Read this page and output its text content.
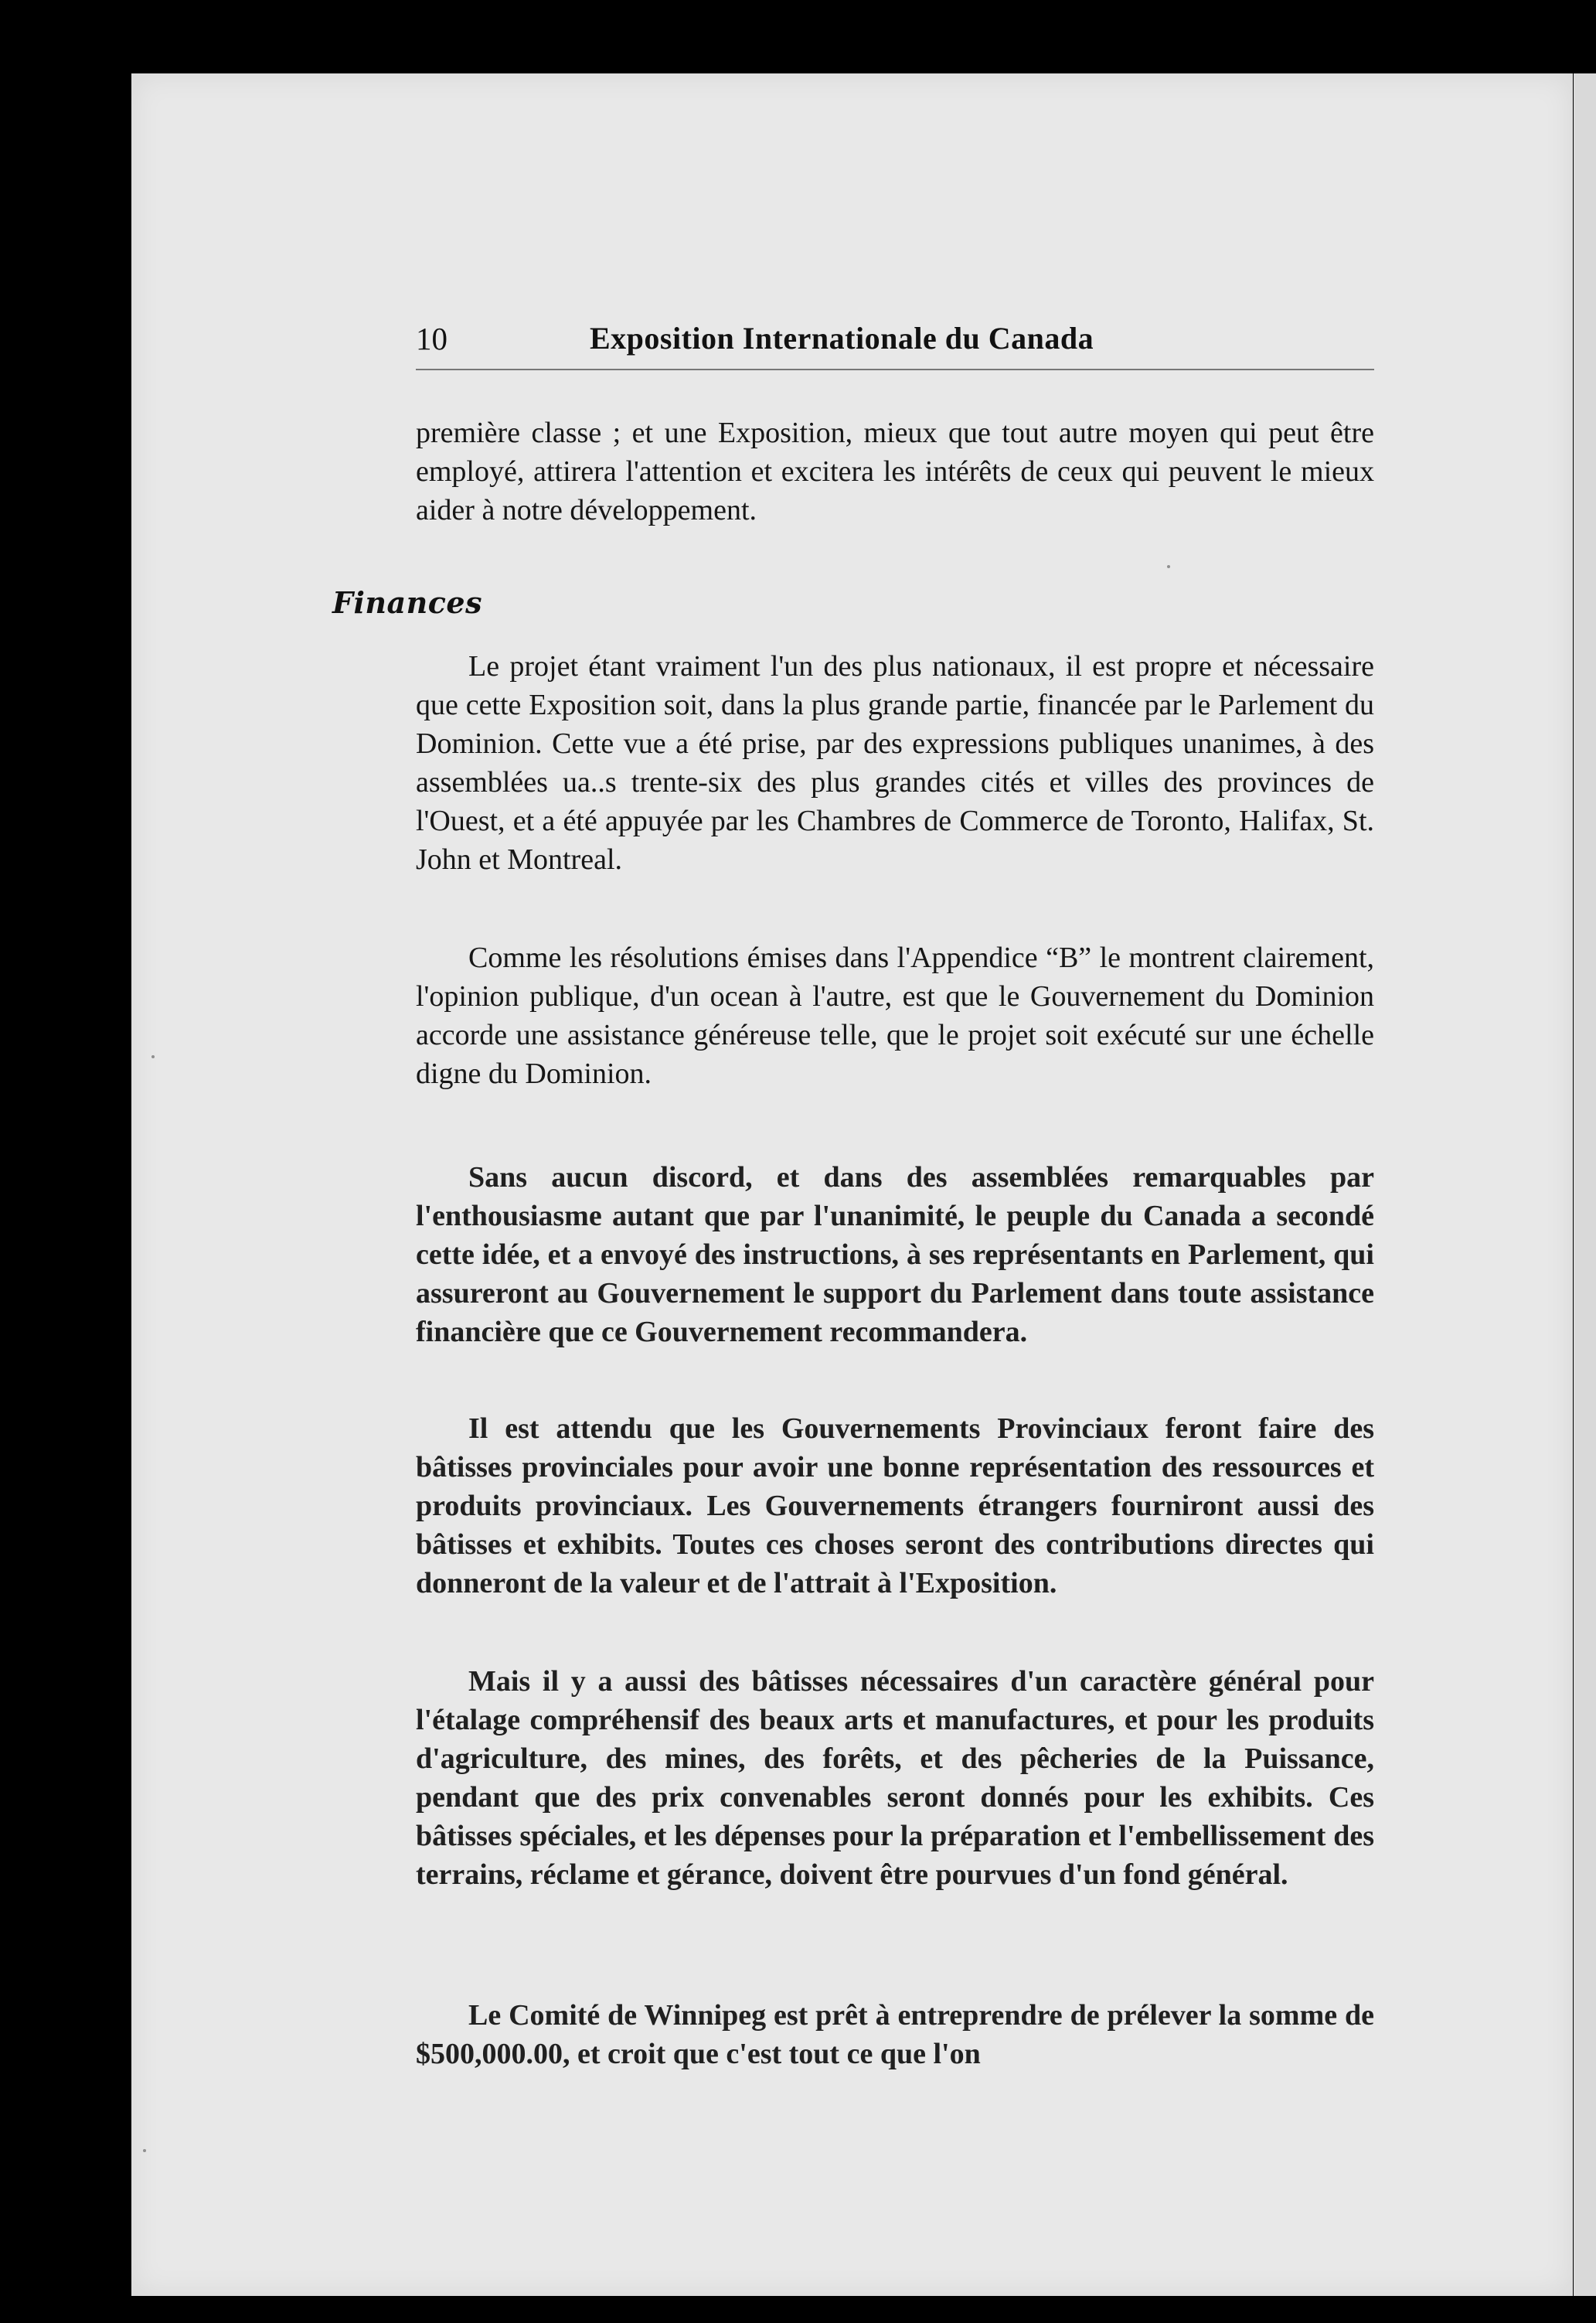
10	Exposition Internationale du Canada

première classe ; et une Exposition, mieux que tout autre moyen qui peut être employé, attirera l'attention et excitera les intérêts de ceux qui peuvent le mieux aider à notre développement.

Finances

Le projet étant vraiment l'un des plus nationaux, il est propre et nécessaire que cette Exposition soit, dans la plus grande partie, financée par le Parlement du Dominion. Cette vue a été prise, par des expressions publiques unanimes, à des assemblées ua..s trente-six des plus grandes cités et villes des provinces de l'Ouest, et a été appuyée par les Chambres de Commerce de Toronto, Halifax, St. John et Montreal.

Comme les résolutions émises dans l'Appendice “B” le montrent clairement, l'opinion publique, d'un ocean à l'autre, est que le Gouvernement du Dominion accorde une assistance généreuse telle, que le projet soit exécuté sur une échelle digne du Dominion.

Sans aucun discord, et dans des assemblées remarquables par l'enthousiasme autant que par l'unanimité, le peuple du Canada a secondé cette idée, et a envoyé des instructions, à ses représentants en Parlement, qui assureront au Gouvernement le support du Parlement dans toute assistance financière que ce Gouvernement recommandera.

Il est attendu que les Gouvernements Provinciaux feront faire des bâtisses provinciales pour avoir une bonne représentation des ressources et produits provinciaux. Les Gouvernements étrangers fourniront aussi des bâtisses et exhibits. Toutes ces choses seront des contributions directes qui donneront de la valeur et de l'attrait à l'Exposition.

Mais il y a aussi des bâtisses nécessaires d'un caractère général pour l'étalage compréhensif des beaux arts et manufactures, et pour les produits d'agriculture, des mines, des forêts, et des pêcheries de la Puissance, pendant que des prix convenables seront donnés pour les exhibits. Ces bâtisses spéciales, et les dépenses pour la préparation et l'embellissement des terrains, réclame et gérance, doivent être pourvues d'un fond général.

Le Comité de Winnipeg est prêt à entreprendre de prélever la somme de $500,000.00, et croit que c'est tout ce que l'on
